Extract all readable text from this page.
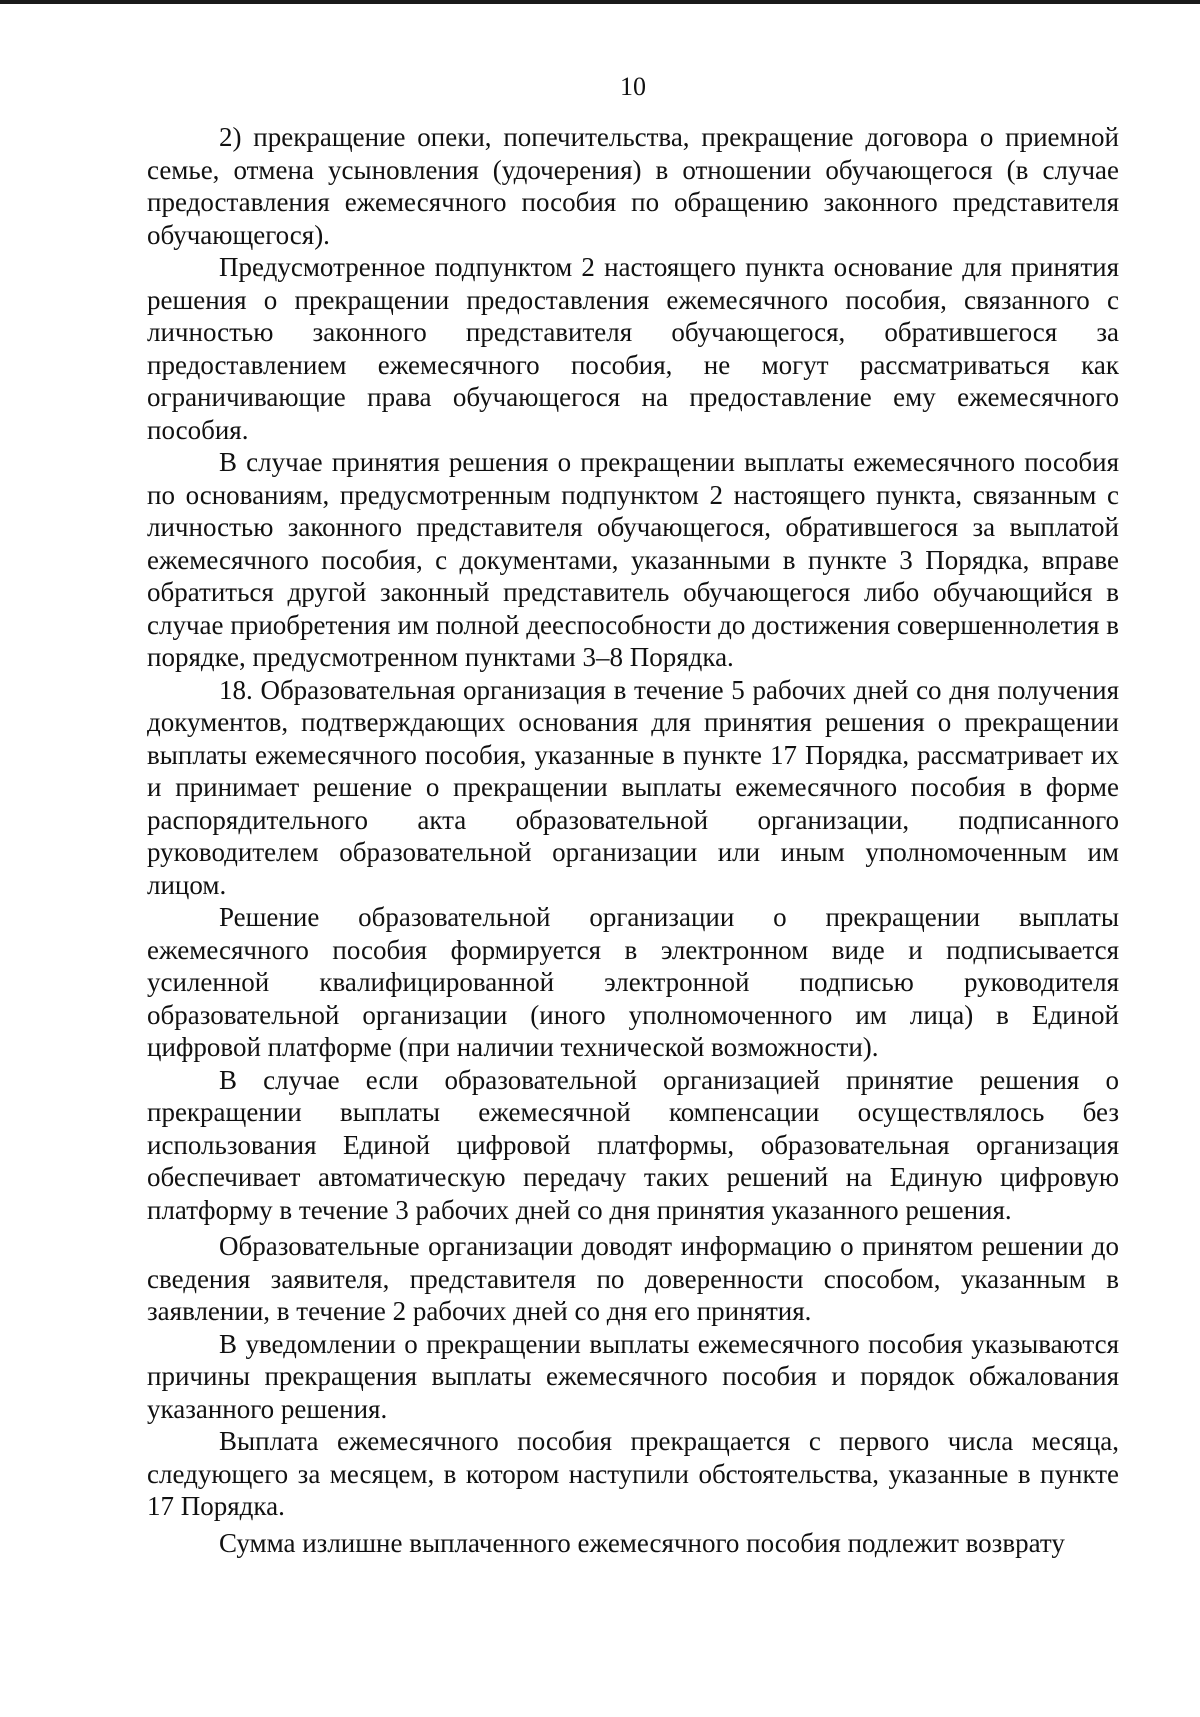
10

2) прекращение опеки, попечительства, прекращение договора о приемной семье, отмена усыновления (удочерения) в отношении обучающегося (в случае предоставления ежемесячного пособия по обращению законного представителя обучающегося).

Предусмотренное подпунктом 2 настоящего пункта основание для принятия решения о прекращении предоставления ежемесячного пособия, связанного с личностью законного представителя обучающегося, обратившегося за предоставлением ежемесячного пособия, не могут рассматриваться как ограничивающие права обучающегося на предоставление ему ежемесячного пособия.

В случае принятия решения о прекращении выплаты ежемесячного пособия по основаниям, предусмотренным подпунктом 2 настоящего пункта, связанным с личностью законного представителя обучающегося, обратившегося за выплатой ежемесячного пособия, с документами, указанными в пункте 3 Порядка, вправе обратиться другой законный представитель обучающегося либо обучающийся в случае приобретения им полной дееспособности до достижения совершеннолетия в порядке, предусмотренном пунктами 3–8 Порядка.

18. Образовательная организация в течение 5 рабочих дней со дня получения документов, подтверждающих основания для принятия решения о прекращении выплаты ежемесячного пособия, указанные в пункте 17 Порядка, рассматривает их и принимает решение о прекращении выплаты ежемесячного пособия в форме распорядительного акта образовательной организации, подписанного руководителем образовательной организации или иным уполномоченным им лицом.

Решение образовательной организации о прекращении выплаты ежемесячного пособия формируется в электронном виде и подписывается усиленной квалифицированной электронной подписью руководителя образовательной организации (иного уполномоченного им лица) в Единой цифровой платформе (при наличии технической возможности).

В случае если образовательной организацией принятие решения о прекращении выплаты ежемесячной компенсации осуществлялось без использования Единой цифровой платформы, образовательная организация обеспечивает автоматическую передачу таких решений на Единую цифровую платформу в течение 3 рабочих дней со дня принятия указанного решения.

Образовательные организации доводят информацию о принятом решении до сведения заявителя, представителя по доверенности способом, указанным в заявлении, в течение 2 рабочих дней со дня его принятия.

В уведомлении о прекращении выплаты ежемесячного пособия указываются причины прекращения выплаты ежемесячного пособия и порядок обжалования указанного решения.

Выплата ежемесячного пособия прекращается с первого числа месяца, следующего за месяцем, в котором наступили обстоятельства, указанные в пункте 17 Порядка.

Сумма излишне выплаченного ежемесячного пособия подлежит возврату
